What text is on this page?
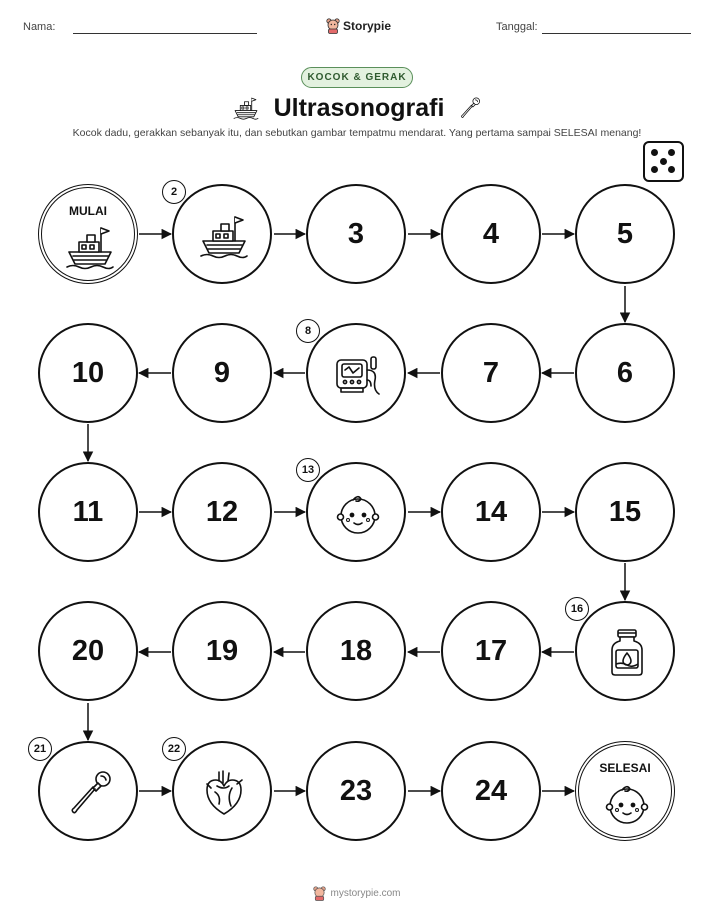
Nama:	Storypie	Tanggal:
KOCOK & GERAK
Ultrasonografi
Kocok dadu, gerakkan sebanyak itu, dan sebutkan gambar tempatmu mendarat. Yang pertama sampai SELESAI menang!
MULAI
2
3	4	5
10	9
8
7	6
11	12
13
14	15
20	19	18	17
16
21	22
23	24
SELESAI
mystorypie.com
